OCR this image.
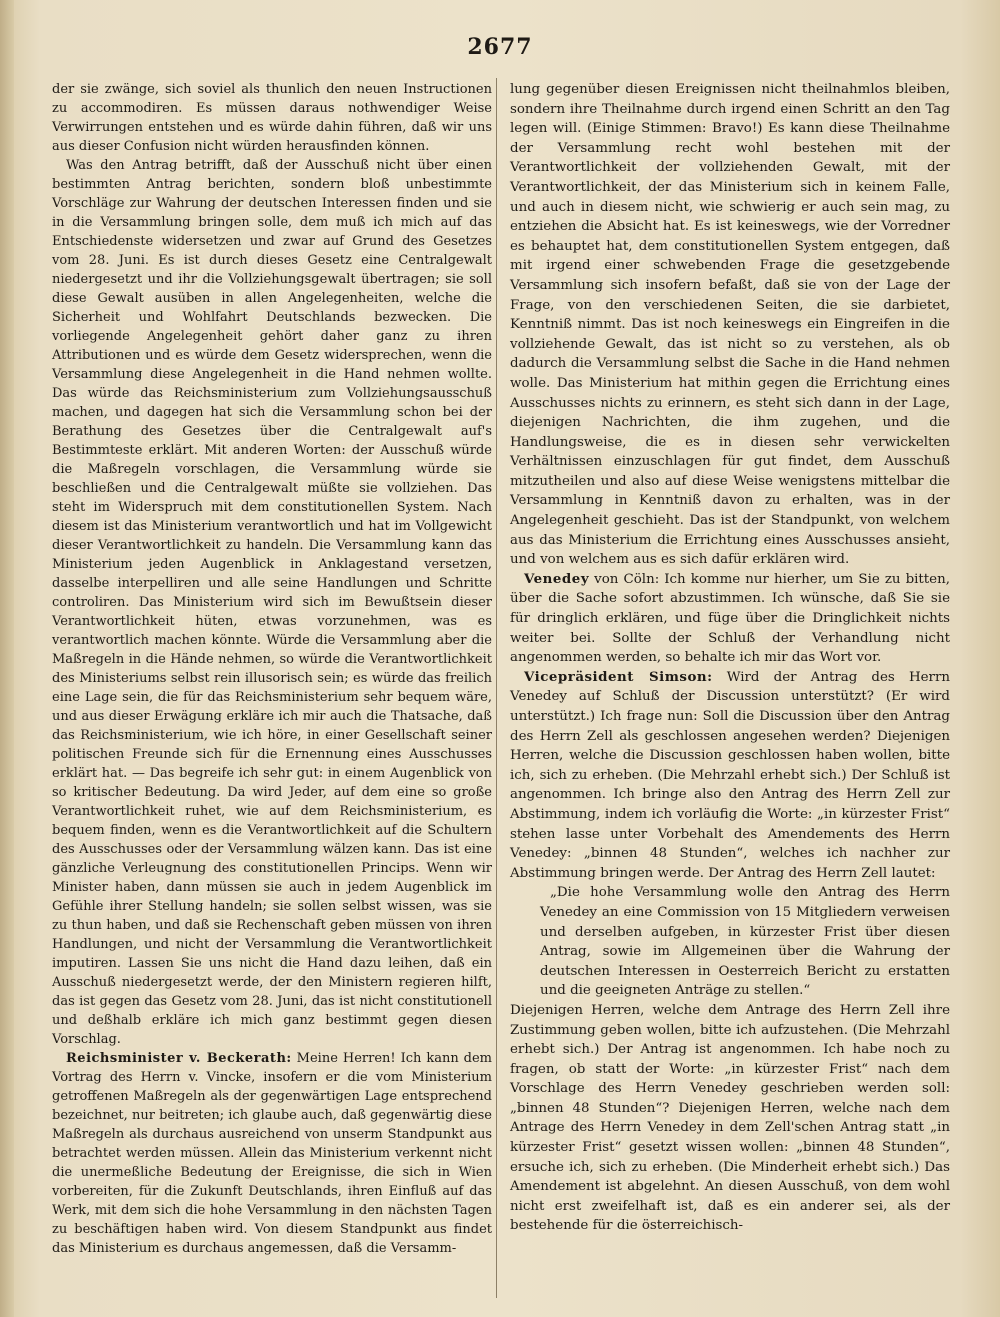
2677

der sie zwänge, sich soviel als thunlich den neuen Instructionen zu accommodiren. Es müssen daraus nothwendiger Weise Verwirrungen entstehen und es würde dahin führen, daß wir uns aus dieser Confusion nicht würden herausfinden können.

Was den Antrag betrifft, daß der Ausschuß nicht über einen bestimmten Antrag berichten, sondern bloß unbestimmte Vorschläge zur Wahrung der deutschen Interessen finden und sie in die Versammlung bringen solle, dem muß ich mich auf das Entschiedenste widersetzen und zwar auf Grund des Gesetzes vom 28. Juni. Es ist durch dieses Gesetz eine Centralgewalt niedergesetzt und ihr die Vollziehungsgewalt übertragen; sie soll diese Gewalt ausüben in allen Angelegenheiten, welche die Sicherheit und Wohlfahrt Deutschlands bezwecken. Die vorliegende Angelegenheit gehört daher ganz zu ihren Attributionen und es würde dem Gesetz widersprechen, wenn die Versammlung diese Angelegenheit in die Hand nehmen wollte. Das würde das Reichsministerium zum Vollziehungsausschuß machen, und dagegen hat sich die Versammlung schon bei der Berathung des Gesetzes über die Centralgewalt auf's Bestimmteste erklärt. Mit anderen Worten: der Ausschuß würde die Maßregeln vorschlagen, die Versammlung würde sie beschließen und die Centralgewalt müßte sie vollziehen. Das steht im Widerspruch mit dem constitutionellen System. Nach diesem ist das Ministerium verantwortlich und hat im Vollgewicht dieser Verantwortlichkeit zu handeln. Die Versammlung kann das Ministerium jeden Augenblick in Anklagestand versetzen, dasselbe interpelliren und alle seine Handlungen und Schritte controliren. Das Ministerium wird sich im Bewußtsein dieser Verantwortlichkeit hüten, etwas vorzunehmen, was es verantwortlich machen könnte. Würde die Versammlung aber die Maßregeln in die Hände nehmen, so würde die Verantwortlichkeit des Ministeriums selbst rein illusorisch sein; es würde das freilich eine Lage sein, die für das Reichsministerium sehr bequem wäre, und aus dieser Erwägung erkläre ich mir auch die Thatsache, daß das Reichsministerium, wie ich höre, in einer Gesellschaft seiner politischen Freunde sich für die Ernennung eines Ausschusses erklärt hat. — Das begreife ich sehr gut: in einem Augenblick von so kritischer Bedeutung. Da wird Jeder, auf dem eine so große Verantwortlichkeit ruhet, wie auf dem Reichsministerium, es bequem finden, wenn es die Verantwortlichkeit auf die Schultern des Ausschusses oder der Versammlung wälzen kann. Das ist eine gänzliche Verleugnung des constitutionellen Princips. Wenn wir Minister haben, dann müssen sie auch in jedem Augenblick im Gefühle ihrer Stellung handeln; sie sollen selbst wissen, was sie zu thun haben, und daß sie Rechenschaft geben müssen von ihren Handlungen, und nicht der Versammlung die Verantwortlichkeit imputiren. Lassen Sie uns nicht die Hand dazu leihen, daß ein Ausschuß niedergesetzt werde, der den Ministern regieren hilft, das ist gegen das Gesetz vom 28. Juni, das ist nicht constitutionell und deßhalb erkläre ich mich ganz bestimmt gegen diesen Vorschlag.

Reichsminister v. Beckerath: Meine Herren! Ich kann dem Vortrag des Herrn v. Vincke, insofern er die vom Ministerium getroffenen Maßregeln als der gegenwärtigen Lage entsprechend bezeichnet, nur beitreten; ich glaube auch, daß gegenwärtig diese Maßregeln als durchaus ausreichend von unserm Standpunkt aus betrachtet werden müssen. Allein das Ministerium verkennt nicht die unermeßliche Bedeutung der Ereignisse, die sich in Wien vorbereiten, für die Zukunft Deutschlands, ihren Einfluß auf das Werk, mit dem sich die hohe Versammlung in den nächsten Tagen zu beschäftigen haben wird. Von diesem Standpunkt aus findet das Ministerium es durchaus angemessen, daß die Versamm-

lung gegenüber diesen Ereignissen nicht theilnahmlos bleiben, sondern ihre Theilnahme durch irgend einen Schritt an den Tag legen will. (Einige Stimmen: Bravo!) Es kann diese Theilnahme der Versammlung recht wohl bestehen mit der Verantwortlichkeit der vollziehenden Gewalt, mit der Verantwortlichkeit, der das Ministerium sich in keinem Falle, und auch in diesem nicht, wie schwierig er auch sein mag, zu entziehen die Absicht hat. Es ist keineswegs, wie der Vorredner es behauptet hat, dem constitutionellen System entgegen, daß mit irgend einer schwebenden Frage die gesetzgebende Versammlung sich insofern befaßt, daß sie von der Lage der Frage, von den verschiedenen Seiten, die sie darbietet, Kenntniß nimmt. Das ist noch keineswegs ein Eingreifen in die vollziehende Gewalt, das ist nicht so zu verstehen, als ob dadurch die Versammlung selbst die Sache in die Hand nehmen wolle. Das Ministerium hat mithin gegen die Errichtung eines Ausschusses nichts zu erinnern, es steht sich dann in der Lage, diejenigen Nachrichten, die ihm zugehen, und die Handlungsweise, die es in diesen sehr verwickelten Verhältnissen einzuschlagen für gut findet, dem Ausschuß mitzutheilen und also auf diese Weise wenigstens mittelbar die Versammlung in Kenntniß davon zu erhalten, was in der Angelegenheit geschieht. Das ist der Standpunkt, von welchem aus das Ministerium die Errichtung eines Ausschusses ansieht, und von welchem aus es sich dafür erklären wird.

Venedey von Cöln: Ich komme nur hierher, um Sie zu bitten, über die Sache sofort abzustimmen. Ich wünsche, daß Sie sie für dringlich erklären, und füge über die Dringlichkeit nichts weiter bei. Sollte der Schluß der Verhandlung nicht angenommen werden, so behalte ich mir das Wort vor.

Vicepräsident Simson: Wird der Antrag des Herrn Venedey auf Schluß der Discussion unterstützt? (Er wird unterstützt.) Ich frage nun: Soll die Discussion über den Antrag des Herrn Zell als geschlossen angesehen werden? Diejenigen Herren, welche die Discussion geschlossen haben wollen, bitte ich, sich zu erheben. (Die Mehrzahl erhebt sich.) Der Schluß ist angenommen. Ich bringe also den Antrag des Herrn Zell zur Abstimmung, indem ich vorläufig die Worte: „in kürzester Frist“ stehen lasse unter Vorbehalt des Amendements des Herrn Venedey: „binnen 48 Stunden“, welches ich nachher zur Abstimmung bringen werde. Der Antrag des Herrn Zell lautet:

„Die hohe Versammlung wolle den Antrag des Herrn Venedey an eine Commission von 15 Mitgliedern verweisen und derselben aufgeben, in kürzester Frist über diesen Antrag, sowie im Allgemeinen über die Wahrung der deutschen Interessen in Oesterreich Bericht zu erstatten und die geeigneten Anträge zu stellen.“

Diejenigen Herren, welche dem Antrage des Herrn Zell ihre Zustimmung geben wollen, bitte ich aufzustehen. (Die Mehrzahl erhebt sich.) Der Antrag ist angenommen. Ich habe noch zu fragen, ob statt der Worte: „in kürzester Frist“ nach dem Vorschlage des Herrn Venedey geschrieben werden soll: „binnen 48 Stunden“? Diejenigen Herren, welche nach dem Antrage des Herrn Venedey in dem Zell'schen Antrag statt „in kürzester Frist“ gesetzt wissen wollen: „binnen 48 Stunden“, ersuche ich, sich zu erheben. (Die Minderheit erhebt sich.) Das Amendement ist abgelehnt. An diesen Ausschuß, von dem wohl nicht erst zweifelhaft ist, daß es ein anderer sei, als der bestehende für die österreichisch-
